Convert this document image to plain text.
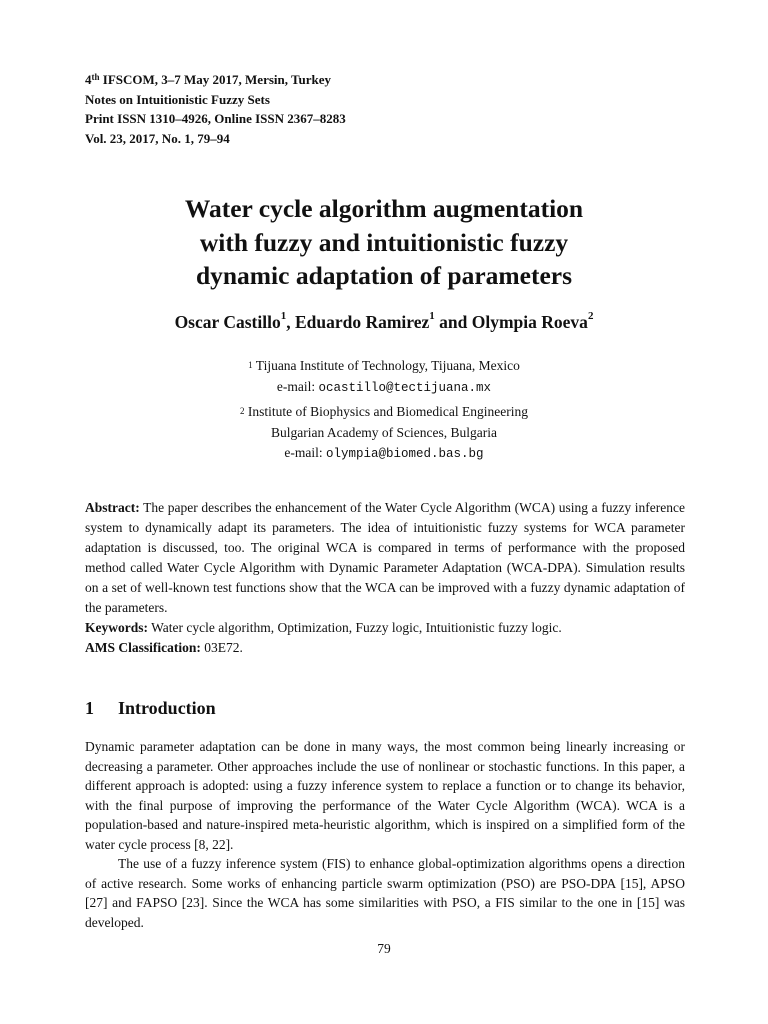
4th IFSCOM, 3–7 May 2017, Mersin, Turkey
Notes on Intuitionistic Fuzzy Sets
Print ISSN 1310–4926, Online ISSN 2367–8283
Vol. 23, 2017, No. 1, 79–94
Water cycle algorithm augmentation
with fuzzy and intuitionistic fuzzy
dynamic adaptation of parameters
Oscar Castillo$^1$, Eduardo Ramirez$^1$ and Olympia Roeva$^2$
$^1$ Tijuana Institute of Technology, Tijuana, Mexico
e-mail: ocastillo@tectijuana.mx
$^2$ Institute of Biophysics and Biomedical Engineering
Bulgarian Academy of Sciences, Bulgaria
e-mail: olympia@biomed.bas.bg

Abstract: The paper describes the enhancement of the Water Cycle Algorithm (WCA) using a fuzzy inference system to dynamically adapt its parameters. The idea of intuitionistic fuzzy systems for WCA parameter adaptation is discussed, too. The original WCA is compared in terms of performance with the proposed method called Water Cycle Algorithm with Dynamic Parameter Adaptation (WCA-DPA). Simulation results on a set of well-known test functions show that the WCA can be improved with a fuzzy dynamic adaptation of the parameters.

Keywords: Water cycle algorithm, Optimization, Fuzzy logic, Intuitionistic fuzzy logic.

AMS Classification: 03E72.

1 Introduction

Dynamic parameter adaptation can be done in many ways, the most common being linearly increasing or decreasing a parameter. Other approaches include the use of nonlinear or stochastic functions. In this paper, a different approach is adopted: using a fuzzy inference system to replace a function or to change its behavior, with the final purpose of improving the performance of the Water Cycle Algorithm (WCA). WCA is a population-based and nature-inspired meta-heuristic algorithm, which is inspired on a simplified form of the water cycle process [8, 22].

The use of a fuzzy inference system (FIS) to enhance global-optimization algorithms opens a direction of active research. Some works of enhancing particle swarm optimization (PSO) are PSO-DPA [15], APSO [27] and FAPSO [23]. Since the WCA has some similarities with PSO, a FIS similar to the one in [15] was developed.

79
